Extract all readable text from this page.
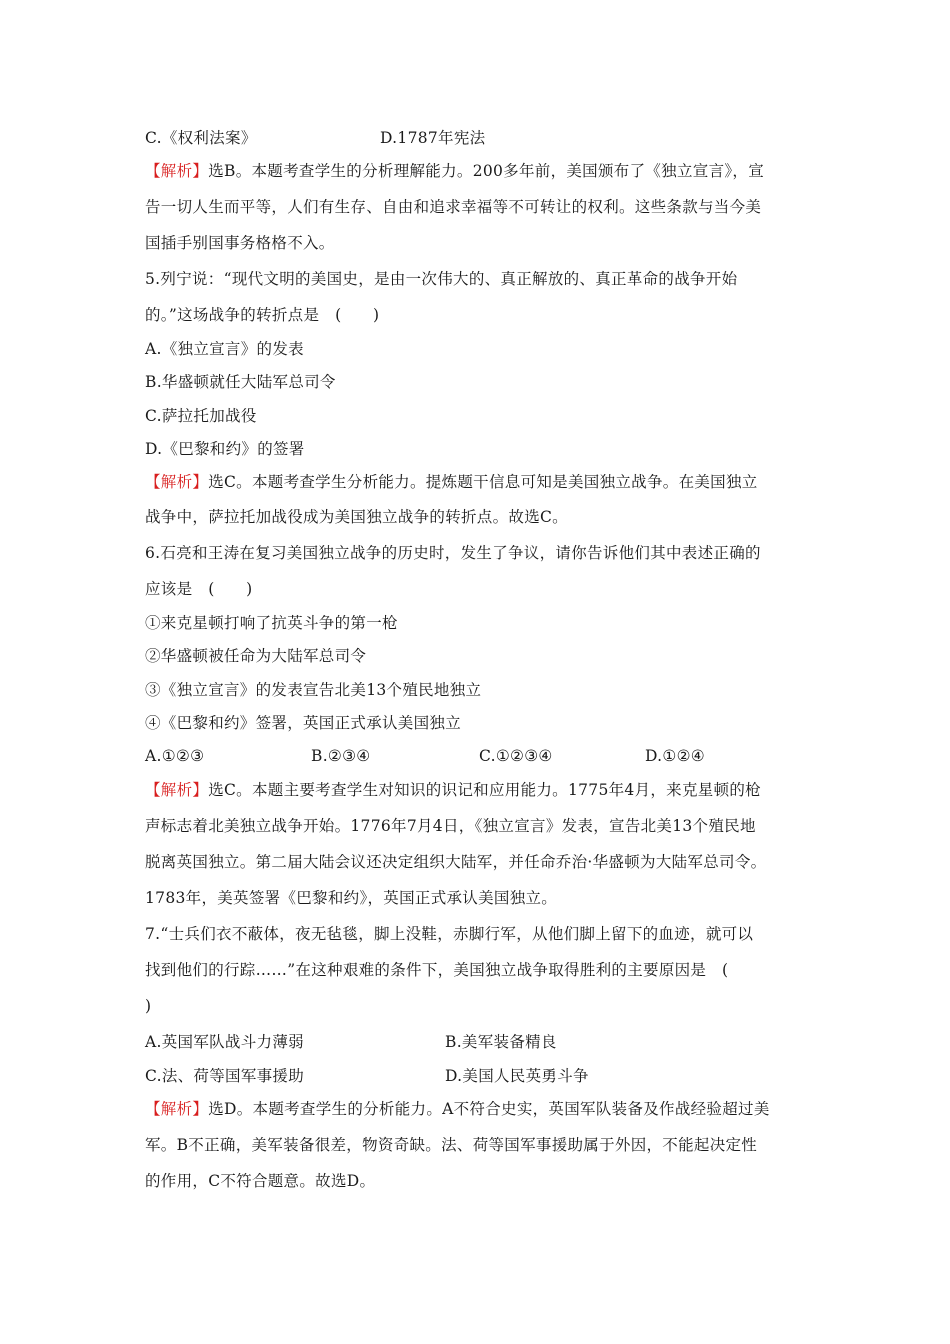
C.《权利法案》	D.1787年宪法
【解析】选B。本题考查学生的分析理解能力。200多年前，美国颁布了《独立宣言》，宣
告一切人生而平等，人们有生存、自由和追求幸福等不可转让的权利。这些条款与当今美
国插手别国事务格格不入。
5.列宁说：“现代文明的美国史，是由一次伟大的、真正解放的、真正革命的战争开始
的。”这场战争的转折点是　(　　)
A.《独立宣言》的发表
B.华盛顿就任大陆军总司令
C.萨拉托加战役
D.《巴黎和约》的签署
【解析】选C。本题考查学生分析能力。提炼题干信息可知是美国独立战争。在美国独立
战争中，萨拉托加战役成为美国独立战争的转折点。故选C。
6.石亮和王涛在复习美国独立战争的历史时，发生了争议，请你告诉他们其中表述正确的
应该是　(　　)
①来克星顿打响了抗英斗争的第一枪
②华盛顿被任命为大陆军总司令
③《独立宣言》的发表宣告北美13个殖民地独立
④《巴黎和约》签署，英国正式承认美国独立
A.①②③	B.②③④	C.①②③④	D.①②④
【解析】选C。本题主要考查学生对知识的识记和应用能力。1775年4月，来克星顿的枪
声标志着北美独立战争开始。1776年7月4日，《独立宣言》发表，宣告北美13个殖民地
脱离英国独立。第二届大陆会议还决定组织大陆军，并任命乔治·华盛顿为大陆军总司令。
1783年，美英签署《巴黎和约》，英国正式承认美国独立。
7.“士兵们衣不蔽体，夜无毡毯，脚上没鞋，赤脚行军，从他们脚上留下的血迹，就可以
找到他们的行踪……”在这种艰难的条件下，美国独立战争取得胜利的主要原因是　(
)
A.英国军队战斗力薄弱	B.美军装备精良
C.法、荷等国军事援助	D.美国人民英勇斗争
【解析】选D。本题考查学生的分析能力。A不符合史实，英国军队装备及作战经验超过美
军。B不正确，美军装备很差，物资奇缺。法、荷等国军事援助属于外因，不能起决定性
的作用，C不符合题意。故选D。
